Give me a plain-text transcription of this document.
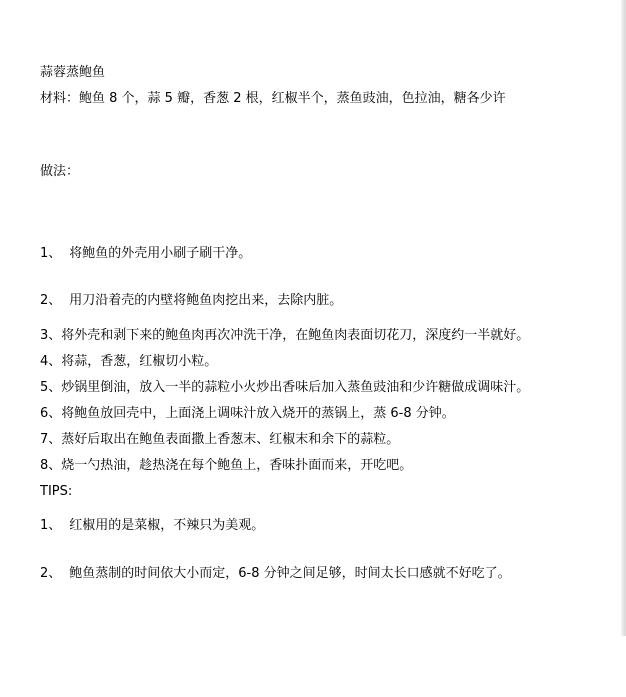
蒜蓉蒸鲍鱼
材料：鲍鱼 8 个，蒜 5 瓣，香葱 2 根，红椒半个，蒸鱼豉油，色拉油，糖各少许
做法：
1、 将鲍鱼的外壳用小刷子刷干净。
2、 用刀沿着壳的内壁将鲍鱼肉挖出来，去除内脏。
3、将外壳和剥下来的鲍鱼肉再次冲洗干净，在鲍鱼肉表面切花刀，深度约一半就好。
4、将蒜，香葱，红椒切小粒。
5、炒锅里倒油，放入一半的蒜粒小火炒出香味后加入蒸鱼豉油和少许糖做成调味汁。
6、将鲍鱼放回壳中，上面浇上调味汁放入烧开的蒸锅上，蒸 6-8 分钟。
7、蒸好后取出在鲍鱼表面撒上香葱末、红椒末和余下的蒜粒。
8、烧一勺热油，趁热浇在每个鲍鱼上，香味扑面而来，开吃吧。
TIPS:
1、 红椒用的是菜椒，不辣只为美观。
2、 鲍鱼蒸制的时间依大小而定，6-8 分钟之间足够，时间太长口感就不好吃了。
